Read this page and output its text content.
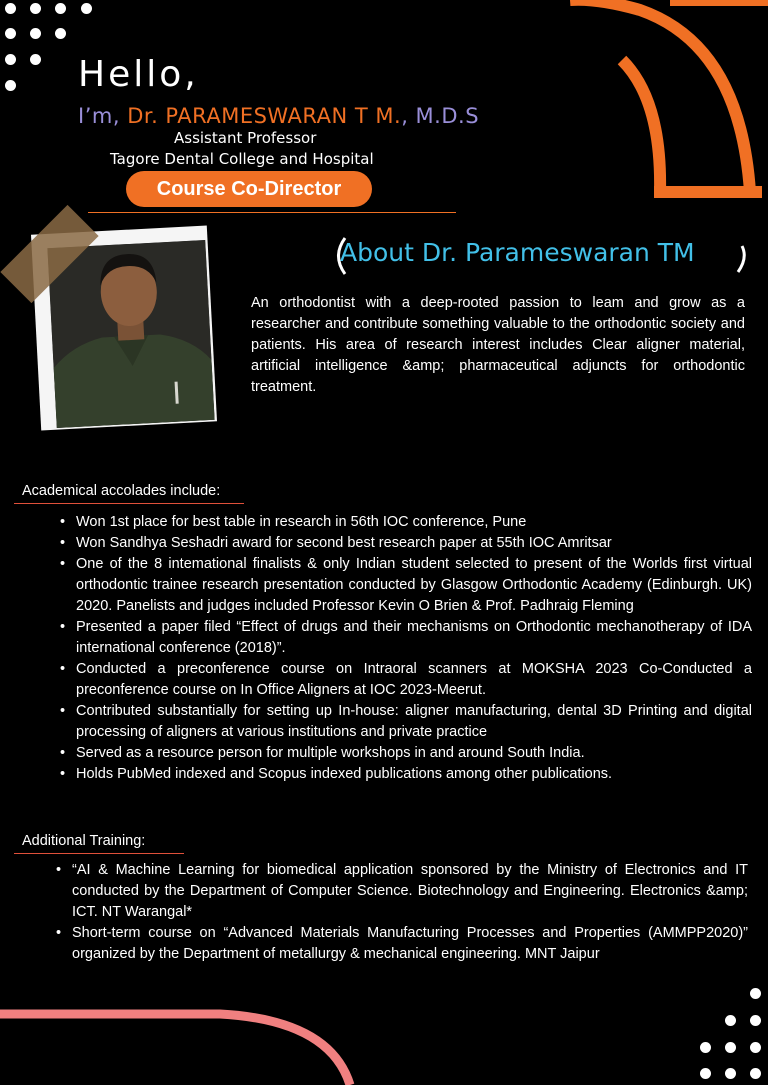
Hello,
I’m, Dr. PARAMESWARAN T M., M.D.S
Assistant Professor
Tagore Dental College and Hospital
Course Co-Director
About Dr. Parameswaran TM
An orthodontist with a deep-rooted passion to leam and grow as a researcher and contribute something valuable to the orthodontic society and patients. His area of research interest includes Clear aligner material, artificial intelligence &amp; pharmaceutical adjuncts for orthodontic treatment.
Academical accolades include:
• Won 1st place for best table in research in 56th IOC conference, Pune
• Won Sandhya Seshadri award for second best research paper at 55th IOC Amritsar
• One of the 8 intemational finalists & only Indian student selected to present of the Worlds first virtual orthodontic trainee research presentation conducted by Glasgow Orthodontic Academy (Edinburgh. UK) 2020. Panelists and judges included Professor Kevin O Brien & Prof. Padhraig Fleming
• Presented a paper filed “Effect of drugs and their mechanisms on Orthodontic mechanotherapy of IDA international conference (2018)”.
• Conducted a preconference course on Intraoral scanners at MOKSHA 2023 Co-Conducted a preconference course on In Office Aligners at IOC 2023-Meerut.
• Contributed substantially for setting up In-house: aligner manufacturing, dental 3D Printing and digital processing of aligners at various institutions and private practice
• Served as a resource person for multiple workshops in and around South India.
• Holds PubMed indexed and Scopus indexed publications among other publications.
Additional Training:
• “AI & Machine Learning for biomedical application sponsored by the Ministry of Electronics and IT conducted by the Department of Computer Science. Biotechnology and Engineering. Electronics &amp; ICT. NT Warangal*
• Short-term course on “Advanced Materials Manufacturing Processes and Properties (AMMPP2020)” organized by the Department of metallurgy & mechanical engineering. MNT Jaipur
